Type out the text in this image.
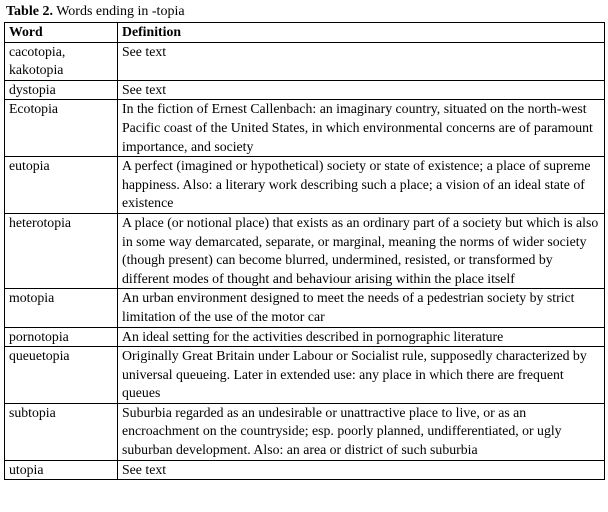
Table 2. Words ending in -topia
Word	Definition
cacotopia, kakotopia	See text
dystopia	See text
Ecotopia	In the fiction of Ernest Callenbach: an imaginary country, situated on the north-west Pacific coast of the United States, in which environmental concerns are of paramount importance, and society
eutopia	A perfect (imagined or hypothetical) society or state of existence; a place of supreme happiness. Also: a literary work describing such a place; a vision of an ideal state of existence
heterotopia	A place (or notional place) that exists as an ordinary part of a society but which is also in some way demarcated, separate, or marginal, meaning the norms of wider society (though present) can become blurred, undermined, resisted, or transformed by different modes of thought and behaviour arising within the place itself
motopia	An urban environment designed to meet the needs of a pedestrian society by strict limitation of the use of the motor car
pornotopia	An ideal setting for the activities described in pornographic literature
queuetopia	Originally Great Britain under Labour or Socialist rule, supposedly characterized by universal queueing. Later in extended use: any place in which there are frequent queues
subtopia	Suburbia regarded as an undesirable or unattractive place to live, or as an encroachment on the countryside; esp. poorly planned, undifferentiated, or ugly suburban development. Also: an area or district of such suburbia
utopia	See text
